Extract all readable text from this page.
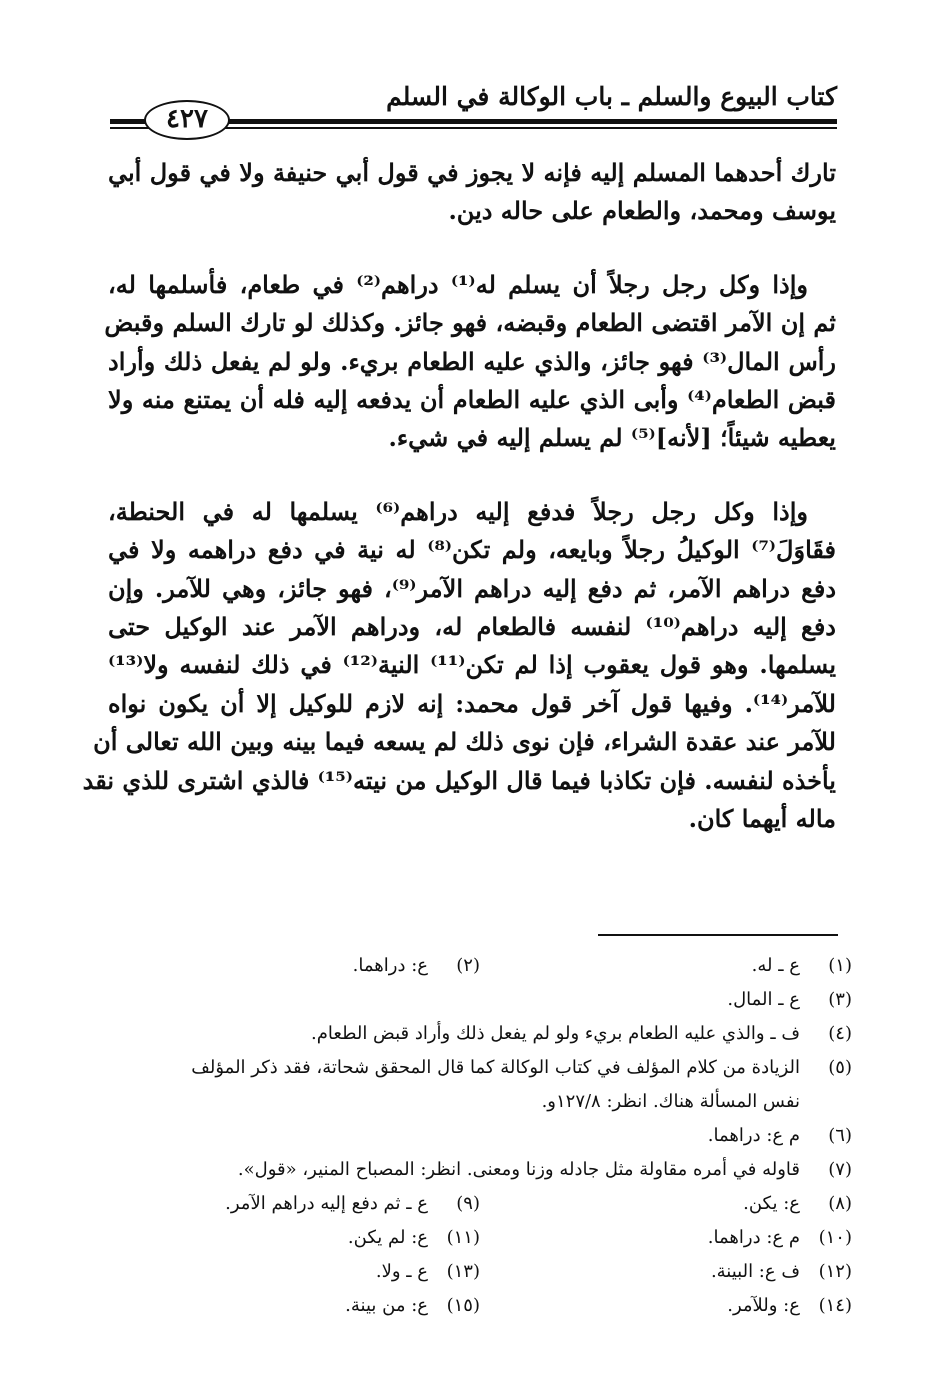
كتاب البيوع والسلم ـ باب الوكالة في السلم
٤٢٧
تارك أحدهما المسلم إليه فإنه لا يجوز في قول أبي حنيفة ولا في قول أبي
يوسف ومحمد، والطعام على حاله دين.
وإذا وكل رجل رجلاً أن يسلم له⁽¹⁾ دراهم⁽²⁾ في طعام، فأسلمها له،
ثم إن الآمر اقتضى الطعام وقبضه، فهو جائز. وكذلك لو تارك السلم وقبض
رأس المال⁽³⁾ فهو جائز، والذي عليه الطعام بريء. ولو لم يفعل ذلك وأراد
قبض الطعام⁽⁴⁾ وأبى الذي عليه الطعام أن يدفعه إليه فله أن يمتنع منه ولا
يعطيه شيئاً؛ [لأنه]⁽⁵⁾ لم يسلم إليه في شيء.
وإذا وكل رجل رجلاً فدفع إليه دراهم⁽⁶⁾ يسلمها له في الحنطة،
فقَاوَلَ⁽⁷⁾ الوكيلُ رجلاً وبايعه، ولم تكن⁽⁸⁾ له نية في دفع دراهمه ولا في
دفع دراهم الآمر، ثم دفع إليه دراهم الآمر⁽⁹⁾، فهو جائز، وهي للآمر. وإن
دفع إليه دراهم⁽¹⁰⁾ لنفسه فالطعام له، ودراهم الآمر عند الوكيل حتى
يسلمها. وهو قول يعقوب إذا لم تكن⁽¹¹⁾ النية⁽¹²⁾ في ذلك لنفسه ولا⁽¹³⁾
للآمر⁽¹⁴⁾. وفيها قول آخر قول محمد: إنه لازم للوكيل إلا أن يكون نواه
للآمر عند عقدة الشراء، فإن نوى ذلك لم يسعه فيما بينه وبين الله تعالى أن
يأخذه لنفسه. فإن تكاذبا فيما قال الوكيل من نيته⁽¹⁵⁾ فالذي اشترى للذي نقد
ماله أيهما كان.
(١)
ع ـ له.
(٢)
ع: دراهما.
(٣)
ع ـ المال.
(٤)
ف ـ والذي عليه الطعام بريء ولو لم يفعل ذلك وأراد قبض الطعام.
(٥)
الزيادة من كلام المؤلف في كتاب الوكالة كما قال المحقق شحاتة، فقد ذكر المؤلف
نفس المسألة هناك. انظر: ١٢٧/٨و.
(٦)
م ع: دراهما.
(٧)
قاوله في أمره مقاولة مثل جادله وزنا ومعنى. انظر: المصباح المنير، «قول».
(٨)
ع: يكن.
(٩)
ع ـ ثم دفع إليه دراهم الآمر.
(١٠)
م ع: دراهما.
(١١)
ع: لم يكن.
(١٢)
ف ع: البينة.
(١٣)
ع ـ ولا.
(١٤)
ع: وللآمر.
(١٥)
ع: من بينة.
